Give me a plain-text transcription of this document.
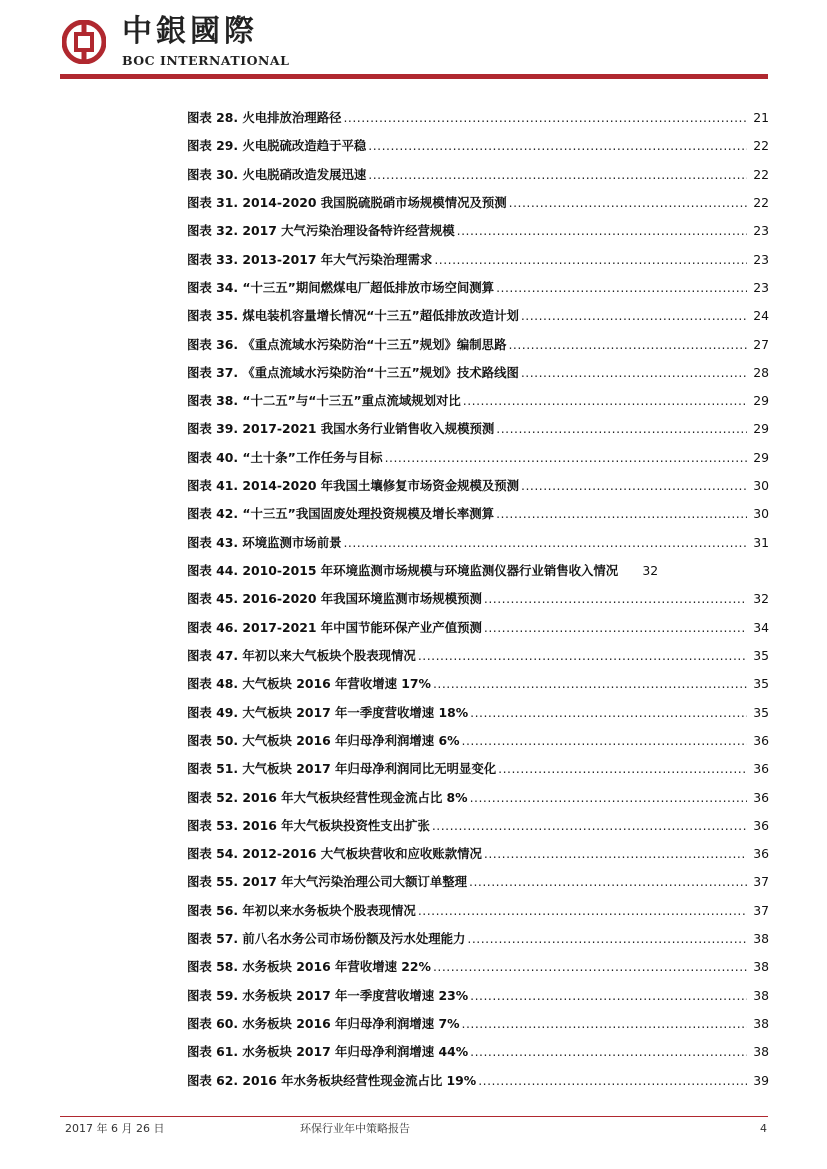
中銀國際
BOC INTERNATIONAL
图表 28. 火电排放治理路径 .....	21
图表 29. 火电脱硫改造趋于平稳 .....	22
图表 30. 火电脱硝改造发展迅速 .....	22
图表 31. 2014-2020 我国脱硫脱硝市场规模情况及预测 .....	22
图表 32. 2017 大气污染治理设备特许经营规模 .....	23
图表 33. 2013-2017 年大气污染治理需求 .....	23
图表 34. “十三五”期间燃煤电厂超低排放市场空间测算 .....	23
图表 35. 煤电装机容量增长情况“十三五”超低排放改造计划 .....	24
图表 36. 《重点流域水污染防治“十三五”规划》编制思路 .....	27
图表 37. 《重点流域水污染防治“十三五”规划》技术路线图 .....	28
图表 38. “十二五”与“十三五”重点流域规划对比 .....	29
图表 39. 2017-2021 我国水务行业销售收入规模预测 .....	29
图表 40. “土十条”工作任务与目标 .....	29
图表 41. 2014-2020 年我国土壤修复市场资金规模及预测 .....	30
图表 42. “十三五”我国固废处理投资规模及增长率测算 .....	30
图表 43. 环境监测市场前景 .....	31
图表 44. 2010-2015 年环境监测市场规模与环境监测仪器行业销售收入情况	32
图表 45. 2016-2020 年我国环境监测市场规模预测 .....	32
图表 46. 2017-2021 年中国节能环保产业产值预测 .....	34
图表 47. 年初以来大气板块个股表现情况 .....	35
图表 48. 大气板块 2016 年营收增速 17% .....	35
图表 49. 大气板块 2017 年一季度营收增速 18% .....	35
图表 50. 大气板块 2016 年归母净利润增速 6% .....	36
图表 51. 大气板块 2017 年归母净利润同比无明显变化 .....	36
图表 52. 2016 年大气板块经营性现金流占比 8% .....	36
图表 53. 2016 年大气板块投资性支出扩张 .....	36
图表 54. 2012-2016 大气板块营收和应收账款情况 .....	36
图表 55. 2017 年大气污染治理公司大额订单整理 .....	37
图表 56. 年初以来水务板块个股表现情况 .....	37
图表 57. 前八名水务公司市场份额及污水处理能力 .....	38
图表 58. 水务板块 2016 年营收增速 22% .....	38
图表 59. 水务板块 2017 年一季度营收增速 23% .....	38
图表 60. 水务板块 2016 年归母净利润增速 7% .....	38
图表 61. 水务板块 2017 年归母净利润增速 44% .....	38
图表 62. 2016 年水务板块经营性现金流占比 19% .....	39
2017 年 6 月 26 日	环保行业年中策略报告	4
